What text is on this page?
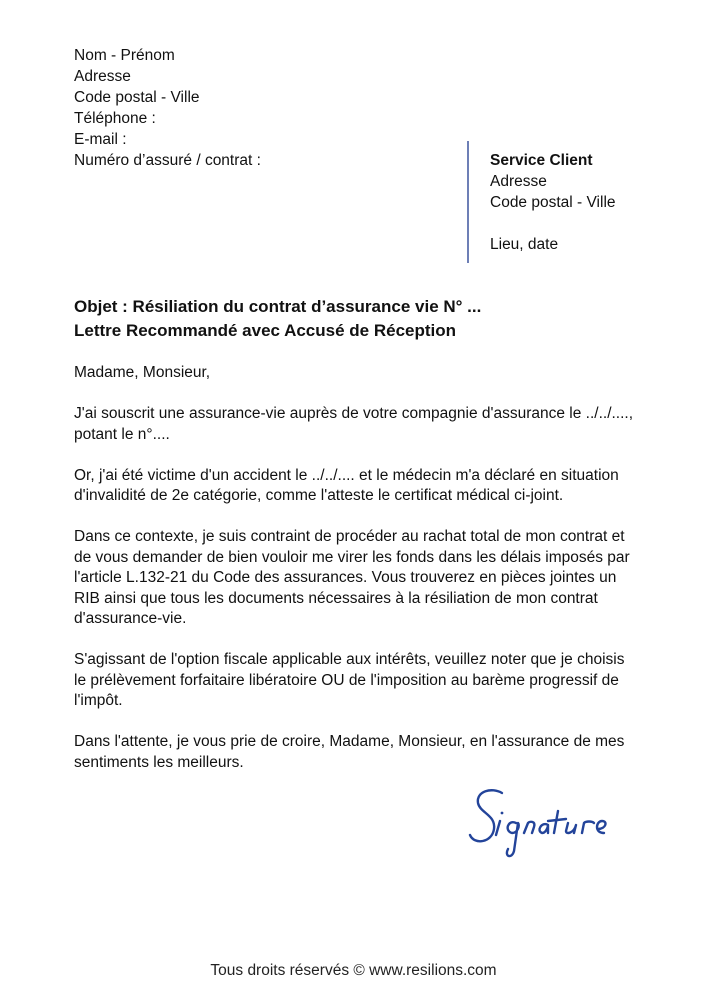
Nom - Prénom
Adresse
Code postal - Ville
Téléphone :
E-mail :
Numéro d’assuré / contrat :	Service Client
Adresse
Code postal - Ville
Lieu, date
Objet : Résiliation du contrat d’assurance vie N° ...
Lettre Recommandé avec Accusé de Réception

Madame, Monsieur,

J'ai souscrit une assurance-vie auprès de votre compagnie d'assurance le ../../...., potant le n°....

Or, j'ai été victime d'un accident le ../../.... et le médecin m'a déclaré en situation d'invalidité de 2e catégorie, comme l'atteste le certificat médical ci-joint.

Dans ce contexte, je suis contraint de procéder au rachat total de mon contrat et de vous demander de bien vouloir me virer les fonds dans les délais imposés par l'article L.132-21 du Code des assurances. Vous trouverez en pièces jointes un RIB ainsi que tous les documents nécessaires à la résiliation de mon contrat d'assurance-vie.

S'agissant de l'option fiscale applicable aux intérêts, veuillez noter que je choisis le prélèvement forfaitaire libératoire OU de l'imposition au barème progressif de l'impôt.

Dans l'attente, je vous prie de croire, Madame, Monsieur, en l'assurance de mes sentiments les meilleurs.

Tous droits réservés © www.resilions.com
